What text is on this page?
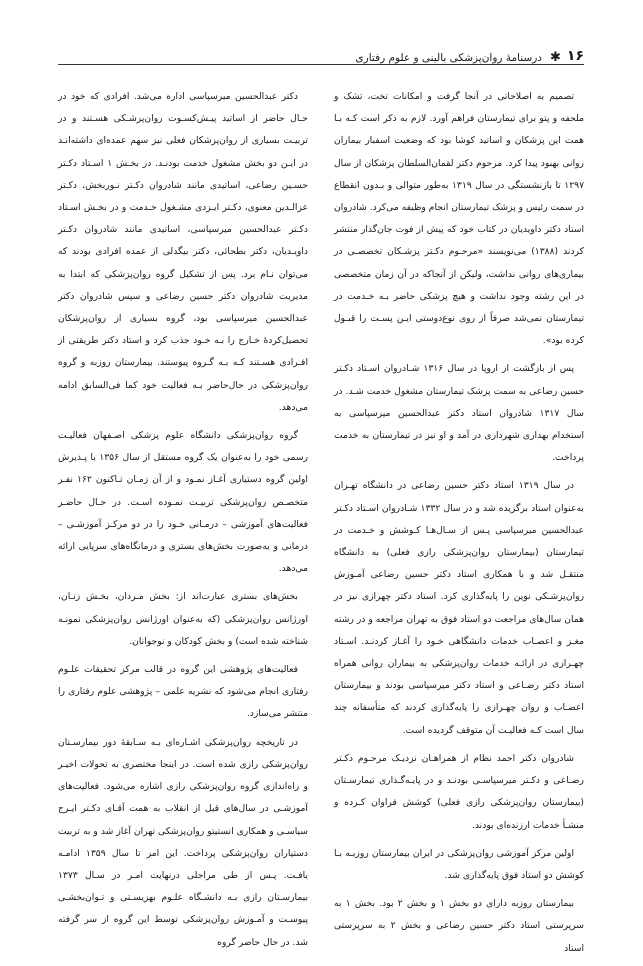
۱۶
✱
درسنامهٔ روان‌پزشکی بالینی و علوم رفتاری

تصمیم به اصلاحاتی در آنجا گرفت و امکانات تخت، تشک و ملحفه و پتو برای تیمارستان فراهم آورد. لازم به ذکر است کـه بـا همت این پزشکان و اساتید کوشا بود که وضعیت اسفبار بیماران روانی بهبود پیدا کرد. مرحوم دکتر لقمان‌السلطان پزشکان از سال ۱۲۹۷ تا بازنشستگی در سال ۱۳۱۹ به‌طور متوالی و بـدون انقطاع در سمت رئیس و پزشک تیمارستان انجام وظیفه می‌کرد. شادروان استاد دکتر داویدیان در کتاب خود که پیش از فوت جان‌گذار منتشر کردند (۱۳۸۸) می‌نویسند «مرحـوم دکـتر پزشـکان تخصصـی در بیماری‌های روانی نداشت، ولیکن از آنجاکه در آن زمان متخصصی در این رشته وجود نداشت و هیچ پزشکی حاضر بـه خـدمت در تیمارستان نمی‌شد صرفاً از روی نوع‌دوستی ایـن پسـت را قبـول کرده بود».

پس از بازگشت از اروپا در سال ۱۳۱۶ شـادروان اسـتاد دکـتر حسین رضاعی به سمت پزشک تیمارستان مشغول خدمت شـد. در سال ۱۳۱۷ شادروان استاد دکتر عبدالحسین میرسپاسی به استخدام بهداری شهرداری در آمد و او نیز در تیمارستان به خدمت پرداخت.

در سال ۱۳۱۹ استاد دکتر حسین رضاعی در دانشگاه تهـران به‌عنوان استاد برگزیده شد و در سال ۱۳۳۲ شـادروان اسـتاد دکـتر عبدالحسین میرسپاسی پـس از سـال‌هـا کـوشش و خـدمت در تیمارستان (بیمارستان روان‌پزشکی رازی فعلی) به دانشگاه منتقـل شد و با همکاری استاد دکتر حسین رضاعی آمـوزش روان‌پزشـکی نوین را پایه‌گذاری کرد. استاد دکتر چهرازی نیز در همان سال‌های مراجعت دو استاد فوق به تهران مراجعه و در رشته مغـز و اعصـاب خدمات دانشگاهی خـود را آغـاز کردنـد. اسـتاد چهـرازی در ارائـه خدمات روان‌پزشکی به بیماران روانی همراه استاد دکتر رضـاعی و استاد دکتر میرسپاسی بودند و بیمارستان اعصـاب و روان چهـرازی را پایه‌گذاری کردند که متأسفانه چند سال است کـه فعالیـت آن متوقف گردیده است.

شادروان دکتر احمد نظام از همراهـان نزدیـک مرحـوم دکـتر رضـاعی و دکـتر میرسپاسـی بودنـد و در پایـه‌گـذاری تیمارسـتان (بیمارستان روان‌پزشکی رازی فعلی) کوشش فراوان کـرده و منشـأ خدمات ارزنده‌ای بودند.

اولین مرکز آموزشی روان‌پزشکی در ایران بیمارستان روزبـه بـا کوشش دو استاد فوق پایه‌گذاری شد.

بیمارستان روزبه دارای دو بخش ۱ و بخش ۲ بود. بخش ۱ به سرپرستی استاد دکتر حسین رضاعی و بخش ۲ به سرپرستی استاد

دکتر عبدالحسین میرسپاسی اداره می‌شد. افرادی که خود در حـال حاضر از اساتید پیـش‌کسـوت روان‌پزشـکی هسـتند و در تربیـت بسیاری از روان‌پزشکان فعلی نیز سهم عمده‌ای داشته‌انـد در ایـن دو بخش مشغول خدمت بودنـد. در بخـش ۱ اسـتاد دکـتر حسـین رضاعی، اساتیدی مانند شادروان دکـتر نـوربخش، دکـتر عزالـدین معنوی، دکـتر ایـزدی مشـغول خـدمت و در بخـش اسـتاد دکـتر عبدالحسین میرسپاسی، اساتیدی مانند شادروان دکـتر داویـدیان، دکتر بطحائی، دکتر بیگدلی از عمده افرادی بودند که می‌توان نـام برد. پس از تشکیل گروه روان‌پزشکی که ابتدا به مدیریت شادروان دکتر حسین رضاعی و سپس شادروان دکتر عبدالحسین میرسپاسی بود، گروه بسیاری از روان‌پزشکان تحصیل‌کردهٔ خـارج را بـه خـود جذب کرد و استاد دکتر طریقتی از افـرادی هسـتند کـه بـه گـروه پیوستند. بیمارستان روزبه و گروه روان‌پزشکی در حال‌حاضر بـه فعالیت خود کما فی‌السابق ادامه می‌دهد.

گروه روان‌پزشکی دانشگاه علوم پزشکی اصـفهان فعالیـت رسمی خود را به‌عنوان یک گروه مستقل از سال ۱۳۵۶ با پـذیرش اولین گروه دستیاری آغـاز نمـود و از آن زمـان تـاکنون ۱۶۲ نفـر متخصـص روان‌پزشکی تربیـت نمـوده اسـت. در حـال حاضـر فعالیت‌های آموزشی – درمـانی خـود را در دو مرکـز آموزشـی – درمانی و به‌صورت بخش‌های بستری و درمانگاه‌های سرپایی ارائه می‌دهد.

بخش‌های بستری عبارت‌اند از: بخش مـردان، بخـش زنـان، اورژانس روان‌پزشکی (که به‌عنوان اورژانس روان‌پزشکی نمونـه شناخته شده است) و بخش کودکان و نوجوانان.

فعالیت‌های پژوهشی این گروه در قالب مرکز تحقیقات علـوم رفتاری انجام می‌شود که نشریه علمی – پژوهشی علوم رفتاری را منتشر می‌سازد.

در تاریخچه روان‌پزشکی اشـاره‌ای بـه سـابقهٔ دور بیمارسـتان روان‌پزشکی رازی شده است. در اینجا مختصری به تحولات اخیـر و راه‌اندازی گروه روان‌پزشکی رازی اشاره می‌شود. فعالیت‌های آموزشـی در سال‌های قبل از انقلاب به همت آقـای دکـتر ایـرج سیاسـی و همکاری انستیتو روان‌پزشکی تهران آغاز شد و به تربیت دستیاران روان‌پزشکی پرداخت. این امر تا سال ۱۳۵۹ ادامـه یافـت. پـس از طی مراحلی درنهایت امـر در سـال ۱۳۷۳ بیمارسـتان رازی بـه دانشـگاه علـوم بهزیسـتی و تـوان‌بخشـی پیوسـت و آمـوزش روان‌پزشکی توسط این گروه از سر گرفته شد. در حال حاضر گروه
